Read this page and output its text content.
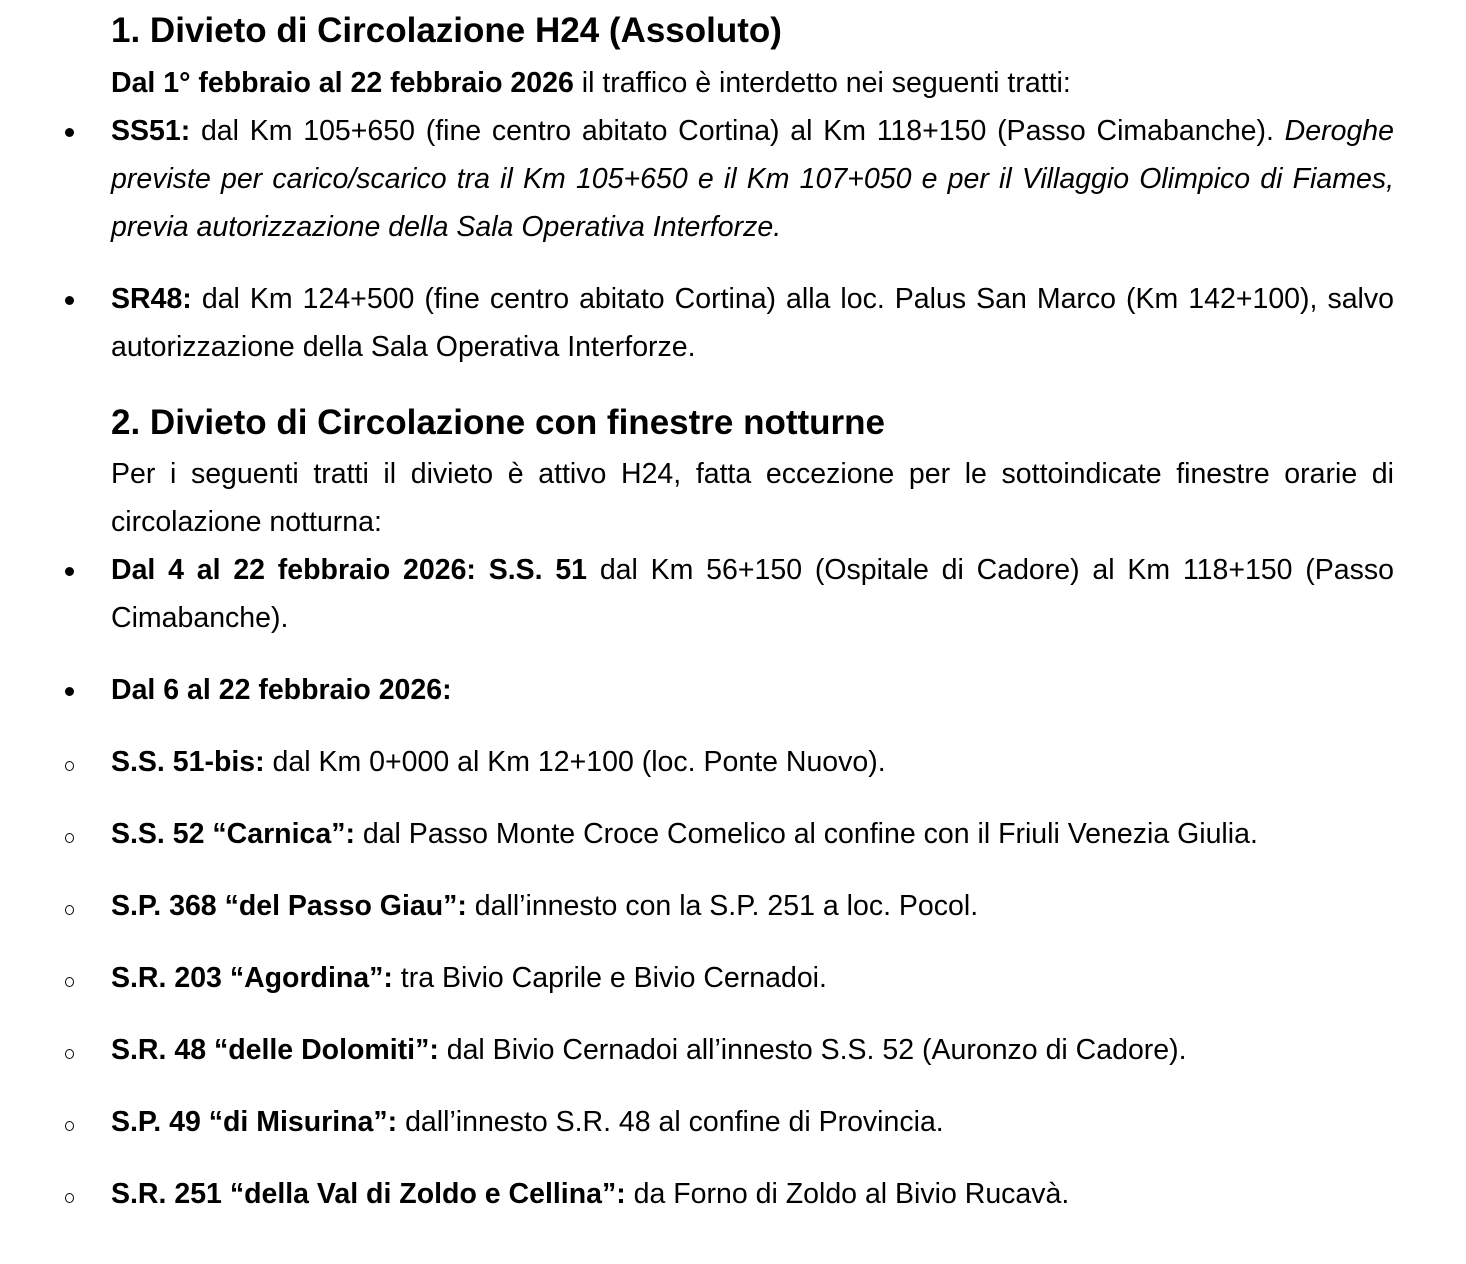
1. Divieto di Circolazione H24 (Assoluto)

Dal 1° febbraio al 22 febbraio 2026 il traffico è interdetto nei seguenti tratti:

SS51: dal Km 105+650 (fine centro abitato Cortina) al Km 118+150 (Passo Cimabanche). Deroghe previste per carico/scarico tra il Km 105+650 e il Km 107+050 e per il Villaggio Olimpico di Fiames, previa autorizzazione della Sala Operativa Interforze.

SR48: dal Km 124+500 (fine centro abitato Cortina) alla loc. Palus San Marco (Km 142+100), salvo autorizzazione della Sala Operativa Interforze.

2. Divieto di Circolazione con finestre notturne

Per i seguenti tratti il divieto è attivo H24, fatta eccezione per le sottoindicate finestre orarie di circolazione notturna:

Dal 4 al 22 febbraio 2026: S.S. 51 dal Km 56+150 (Ospitale di Cadore) al Km 118+150 (Passo Cimabanche).

Dal 6 al 22 febbraio 2026:

S.S. 51-bis: dal Km 0+000 al Km 12+100 (loc. Ponte Nuovo).

S.S. 52 “Carnica”: dal Passo Monte Croce Comelico al confine con il Friuli Venezia Giulia.

S.P. 368 “del Passo Giau”: dall’innesto con la S.P. 251 a loc. Pocol.

S.R. 203 “Agordina”: tra Bivio Caprile e Bivio Cernadoi.

S.R. 48 “delle Dolomiti”: dal Bivio Cernadoi all’innesto S.S. 52 (Auronzo di Cadore).

S.P. 49 “di Misurina”: dall’innesto S.R. 48 al confine di Provincia.

S.R. 251 “della Val di Zoldo e Cellina”: da Forno di Zoldo al Bivio Rucavà.
